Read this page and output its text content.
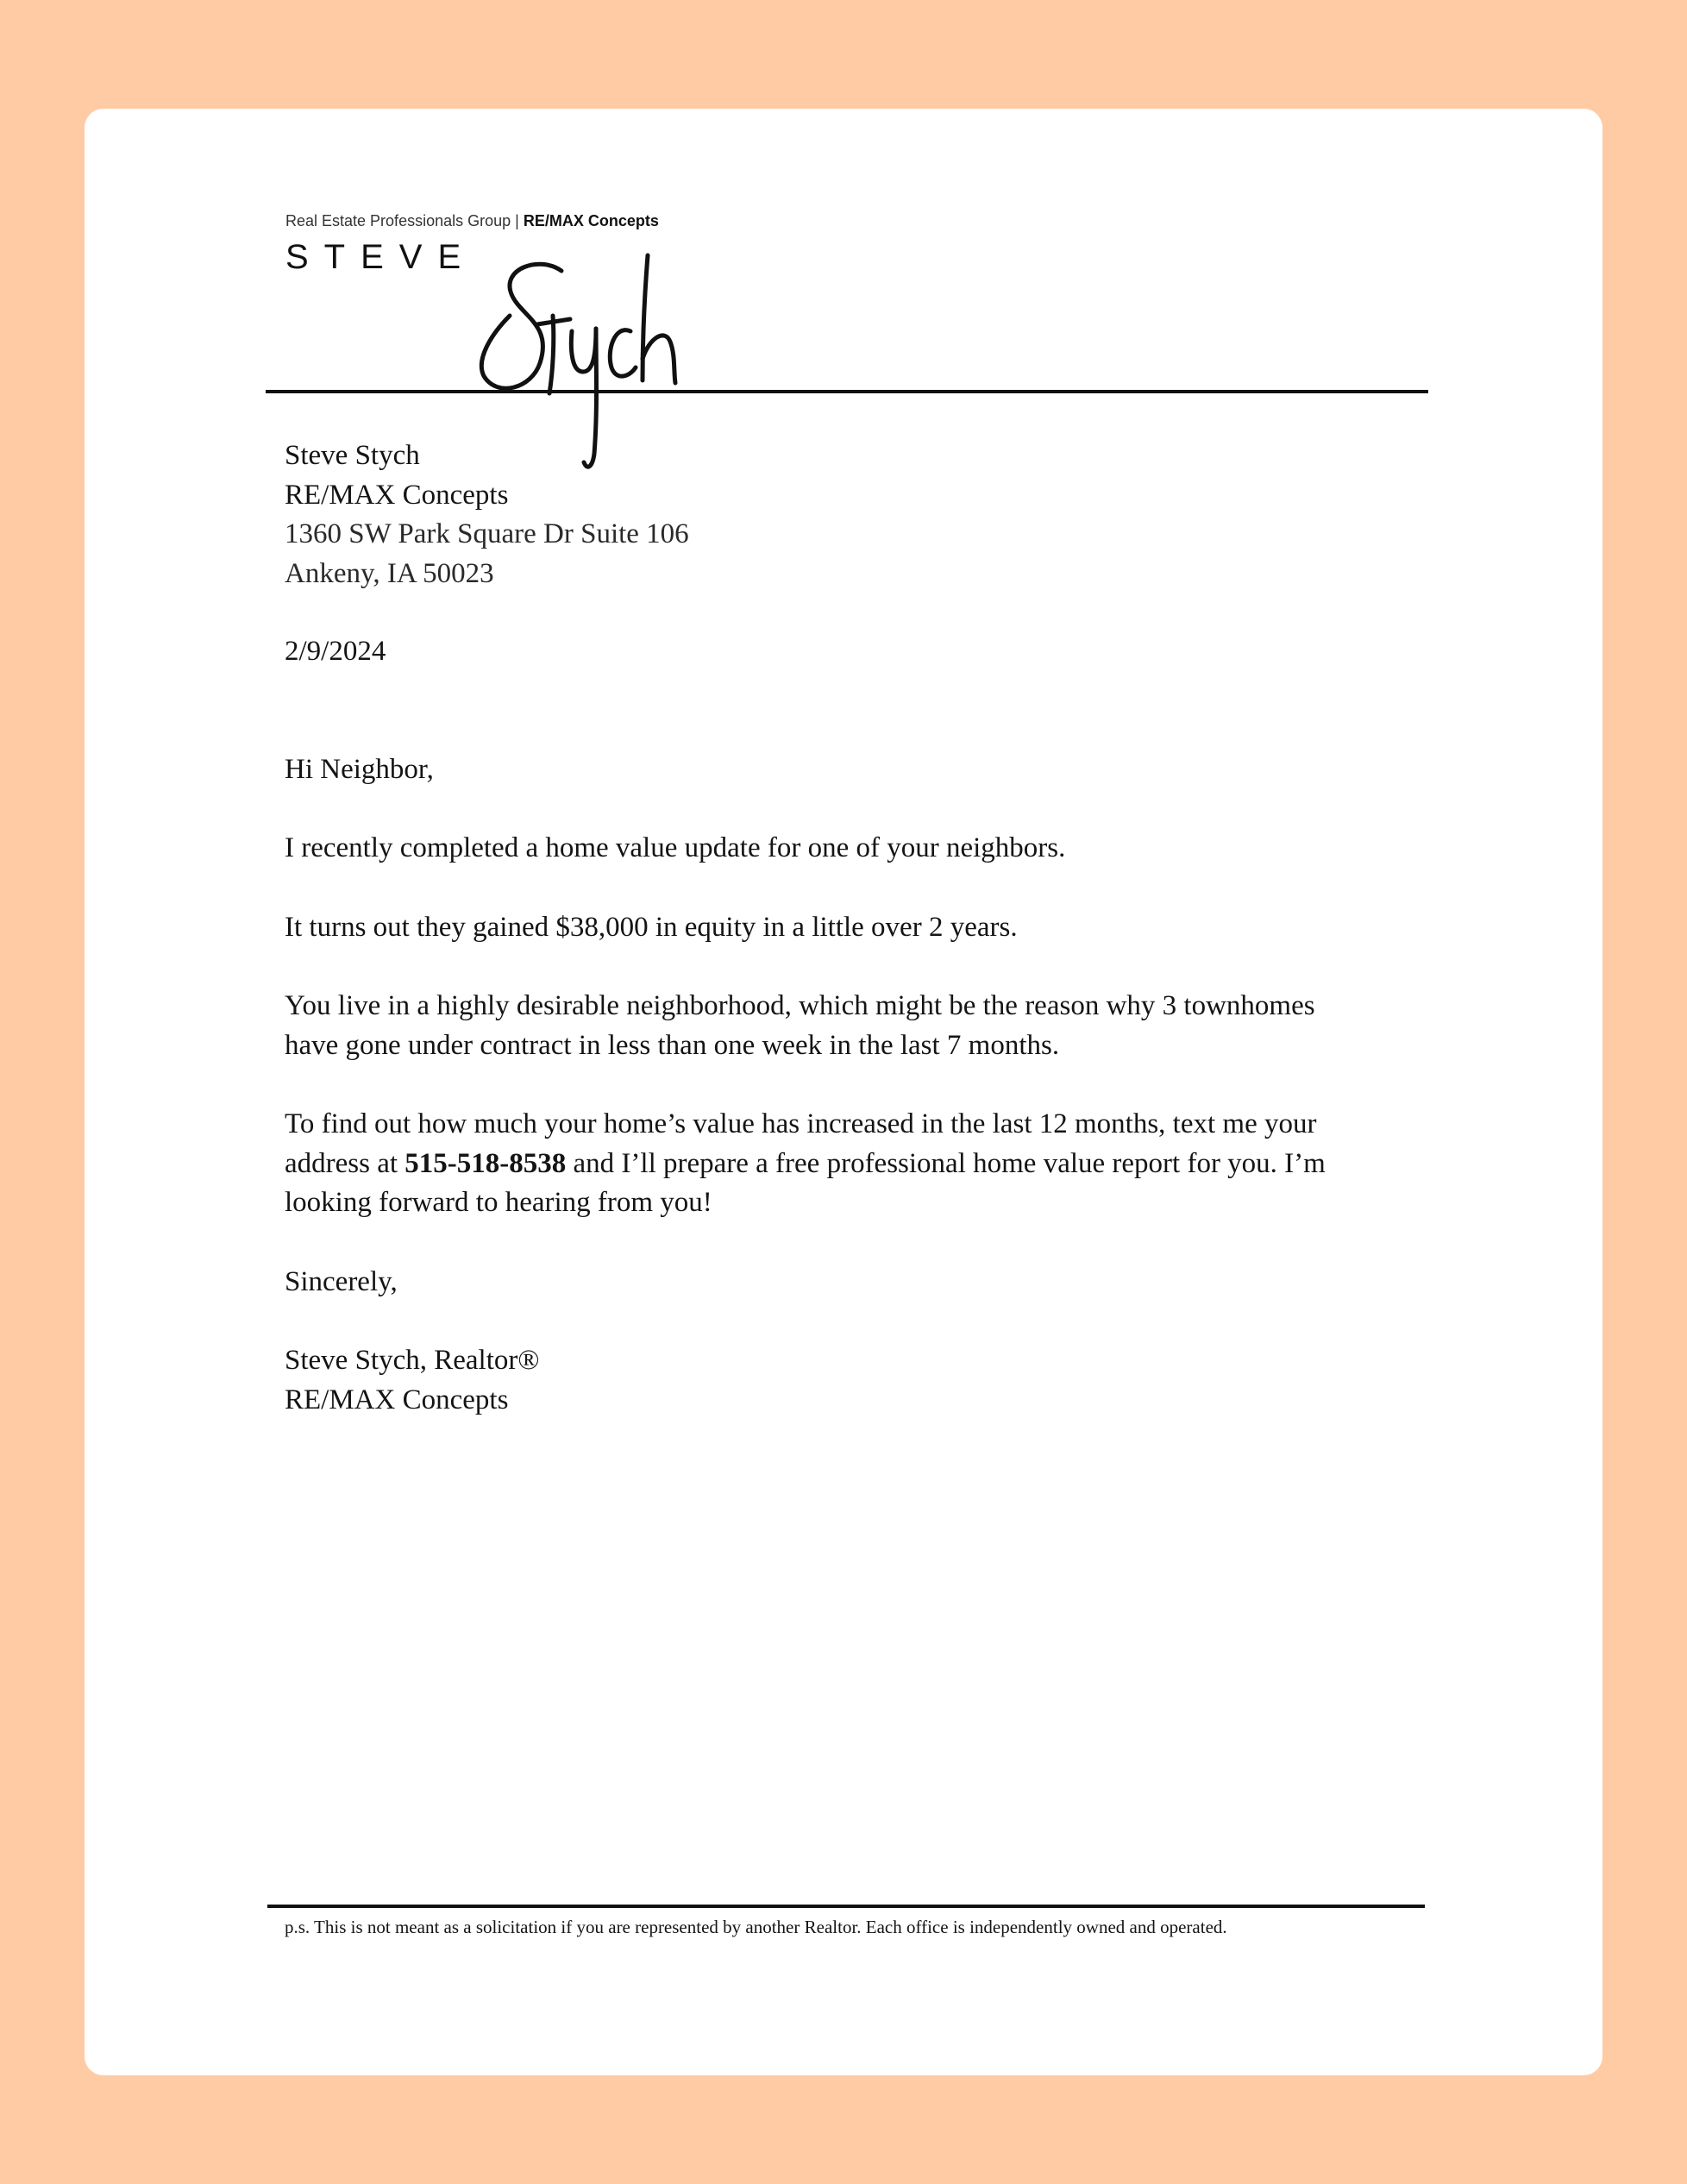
Real Estate Professionals Group | RE/MAX Concepts
STEVE

Steve Stych
RE/MAX Concepts
1360 SW Park Square Dr Suite 106
Ankeny, IA 50023

2/9/2024

Hi Neighbor,

I recently completed a home value update for one of your neighbors.

It turns out they gained $38,000 in equity in a little over 2 years.

You live in a highly desirable neighborhood, which might be the reason why 3 townhomes
have gone under contract in less than one week in the last 7 months.

To find out how much your home’s value has increased in the last 12 months, text me your
address at 515-518-8538 and I’ll prepare a free professional home value report for you. I’m
looking forward to hearing from you!

Sincerely,

Steve Stych, Realtor®
RE/MAX Concepts

p.s. This is not meant as a solicitation if you are represented by another Realtor. Each office is independently owned and operated.
